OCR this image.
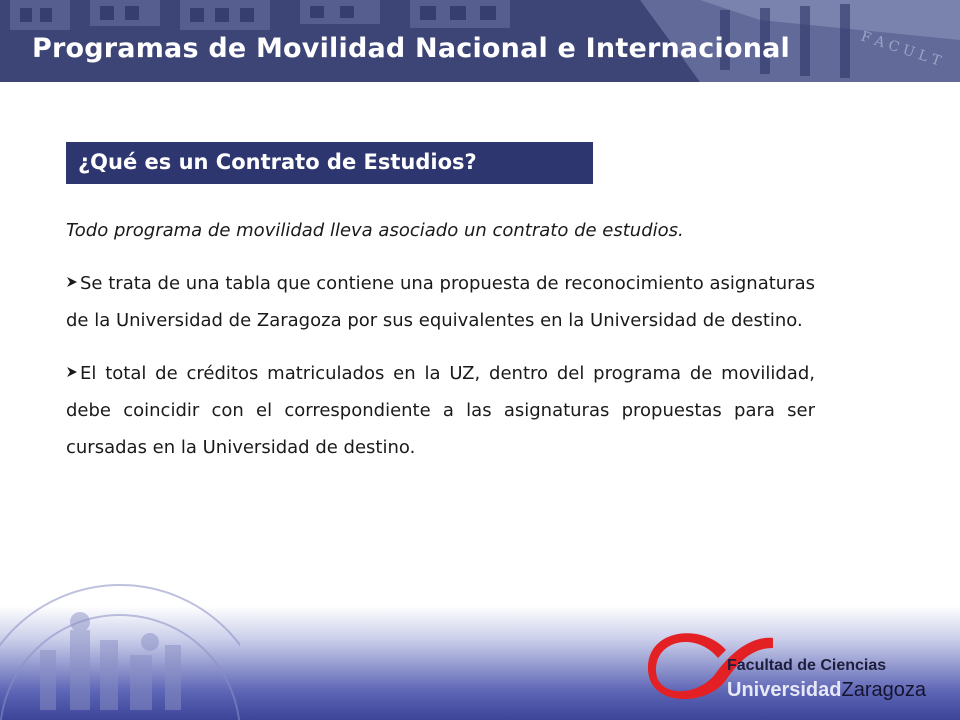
F A C U L T
Programas de Movilidad Nacional e Internacional
¿Qué es un Contrato de Estudios?

Todo programa de movilidad lleva asociado un contrato de estudios.

Se trata de una tabla que contiene una propuesta de reconocimiento asignaturas de la Universidad de Zaragoza por sus equivalentes en la Universidad de destino.

El total de créditos matriculados en la UZ, dentro del programa de movilidad, debe coincidir con el correspondiente a las asignaturas propuestas para ser cursadas en la Universidad de destino.

Facultad de Ciencias

UniversidadZaragoza
